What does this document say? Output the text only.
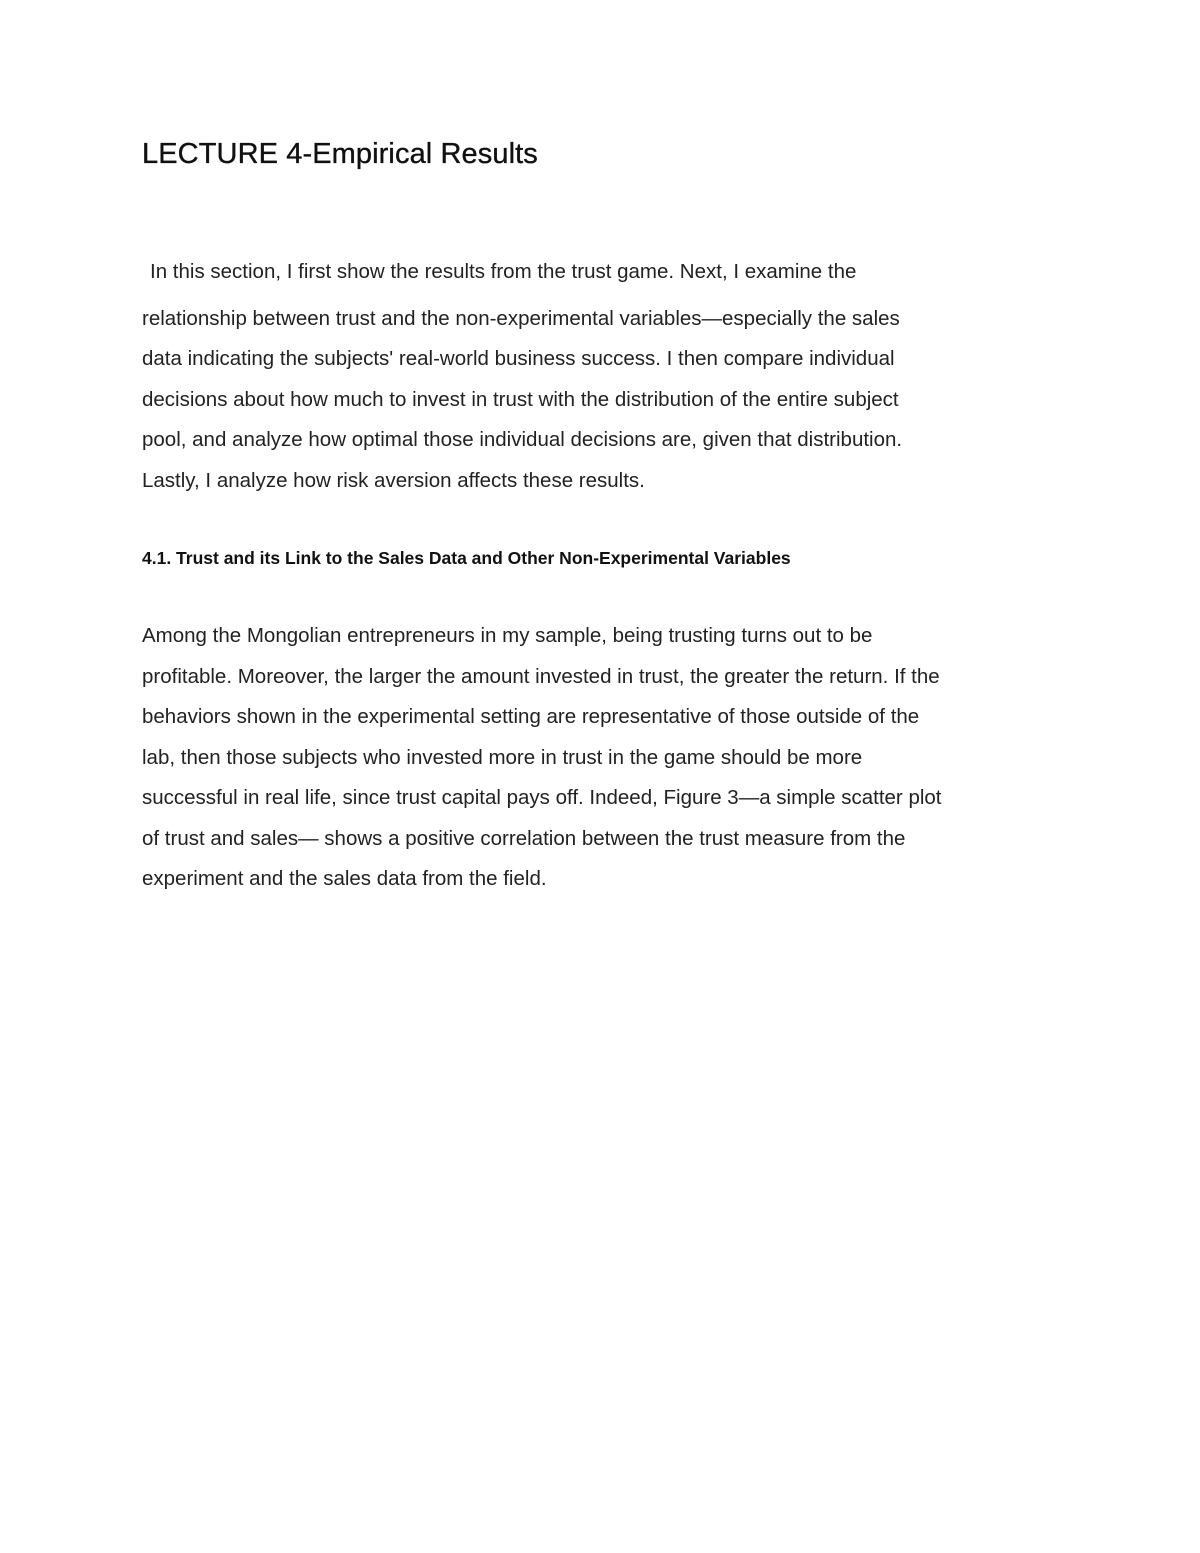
LECTURE 4-Empirical Results
In this section, I first show the results from the trust game. Next, I examine the
relationship between trust and the non-experimental variables—especially the sales
data indicating the subjects' real-world business success. I then compare individual
decisions about how much to invest in trust with the distribution of the entire subject
pool, and analyze how optimal those individual decisions are, given that distribution.
Lastly, I analyze how risk aversion affects these results.
4.1. Trust and its Link to the Sales Data and Other Non-Experimental Variables
Among the Mongolian entrepreneurs in my sample, being trusting turns out to be
profitable. Moreover, the larger the amount invested in trust, the greater the return. If the
behaviors shown in the experimental setting are representative of those outside of the
lab, then those subjects who invested more in trust in the game should be more
successful in real life, since trust capital pays off. Indeed, Figure 3—a simple scatter plot
of trust and sales— shows a positive correlation between the trust measure from the
experiment and the sales data from the field.
